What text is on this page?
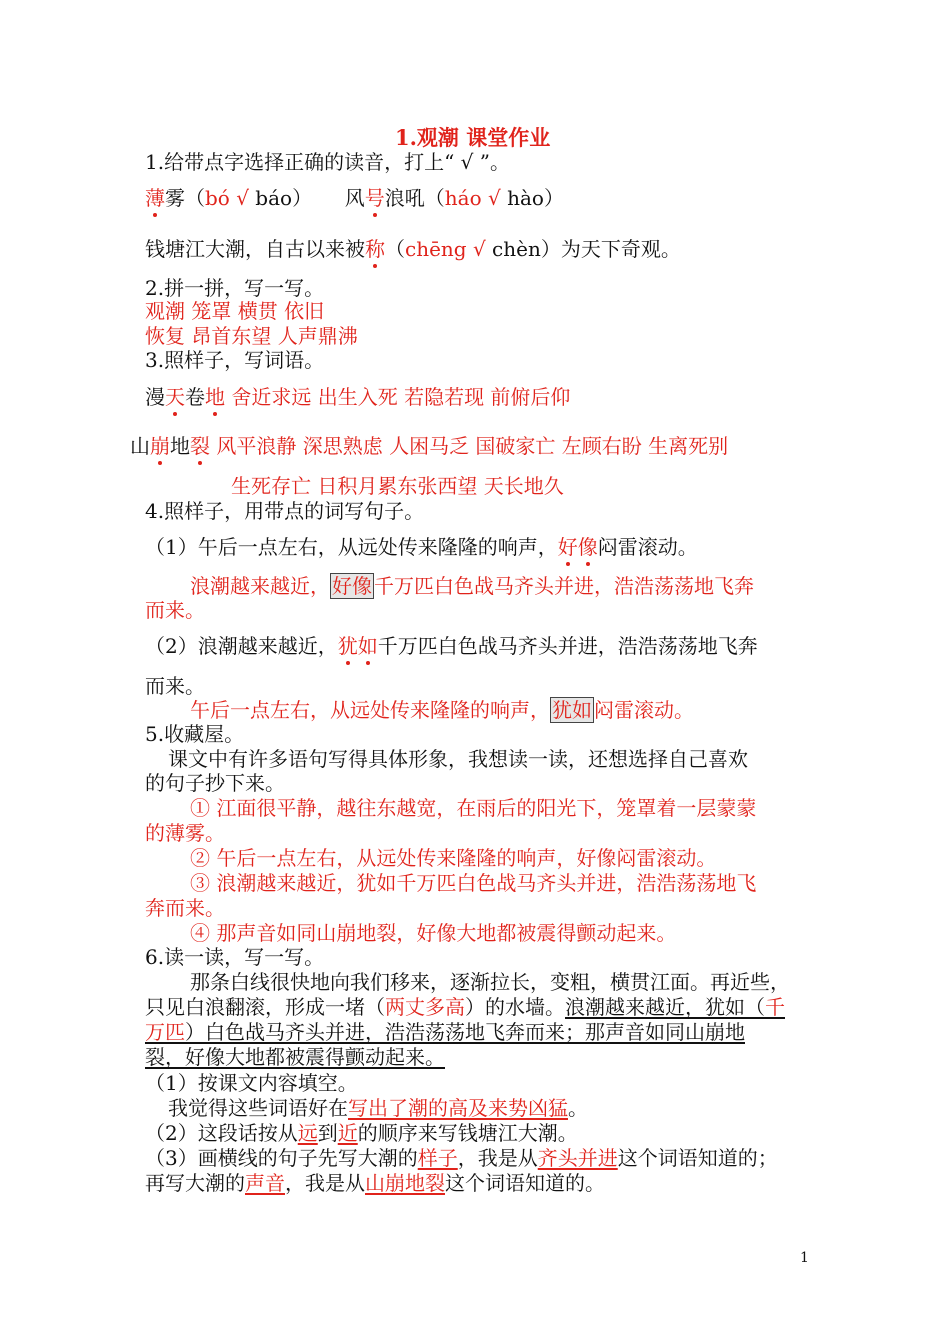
1.观潮 课堂作业
1.给带点字选择正确的读音，打上“ √ ”。
薄雾（bó √ báo） 风号浪吼（háo √ hào）
钱塘江大潮，自古以来被称（chēng √ chèn）为天下奇观。
2.拼一拼，写一写。
观潮 笼罩 横贯 依旧
恢复 昂首东望 人声鼎沸
3.照样子，写词语。
漫天卷地 舍近求远 出生入死 若隐若现 前俯后仰
山崩地裂 风平浪静 深思熟虑 人困马乏 国破家亡 左顾右盼 生离死别
生死存亡 日积月累东张西望 天长地久
4.照样子，用带点的词写句子。
（1）午后一点左右，从远处传来隆隆的响声，好像闷雷滚动。
浪潮越来越近， 好像 千万匹白色战马齐头并进，浩浩荡荡地飞奔
而来。
（2）浪潮越来越近，犹如千万匹白色战马齐头并进，浩浩荡荡地飞奔
而来。
午后一点左右，从远处传来隆隆的响声， 犹如 闷雷滚动。
5.收藏屋。
课文中有许多语句写得具体形象，我想读一读，还想选择自己喜欢
的句子抄下来。
① 江面很平静，越往东越宽，在雨后的阳光下，笼罩着一层蒙蒙
的薄雾。
② 午后一点左右，从远处传来隆隆的响声，好像闷雷滚动。
③ 浪潮越来越近，犹如千万匹白色战马齐头并进，浩浩荡荡地飞
奔而来。
④ 那声音如同山崩地裂，好像大地都被震得颤动起来。
6.读一读，写一写。
那条白线很快地向我们移来，逐渐拉长，变粗，横贯江面。再近些，
只见白浪翻滚，形成一堵（两丈多高）的水墙。浪潮越来越近，犹如（千
万匹）白色战马齐头并进，浩浩荡荡地飞奔而来；那声音如同山崩地
裂，好像大地都被震得颤动起来。
（1）按课文内容填空。
我觉得这些词语好在写出了潮的高及来势凶猛。
（2）这段话按从远到近的顺序来写钱塘江大潮。
（3）画横线的句子先写大潮的样子，我是从齐头并进这个词语知道的；
再写大潮的声音，我是从山崩地裂这个词语知道的。
1
